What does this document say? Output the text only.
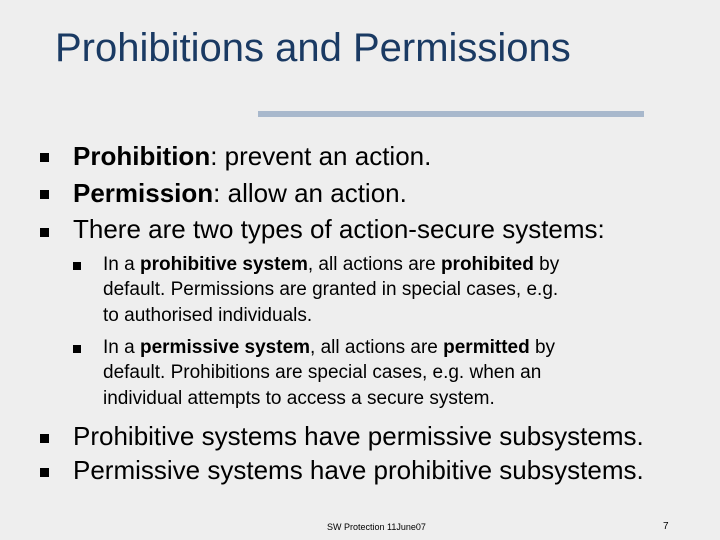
Prohibitions and Permissions
Prohibition: prevent an action.
Permission: allow an action.
There are two types of action-secure systems:
In a prohibitive system, all actions are prohibited by
default. Permissions are granted in special cases, e.g.
to authorised individuals.
In a permissive system, all actions are permitted by
default. Prohibitions are special cases, e.g. when an
individual attempts to access a secure system.
Prohibitive systems have permissive subsystems.
Permissive systems have prohibitive subsystems.
SW Protection 11June07	7
